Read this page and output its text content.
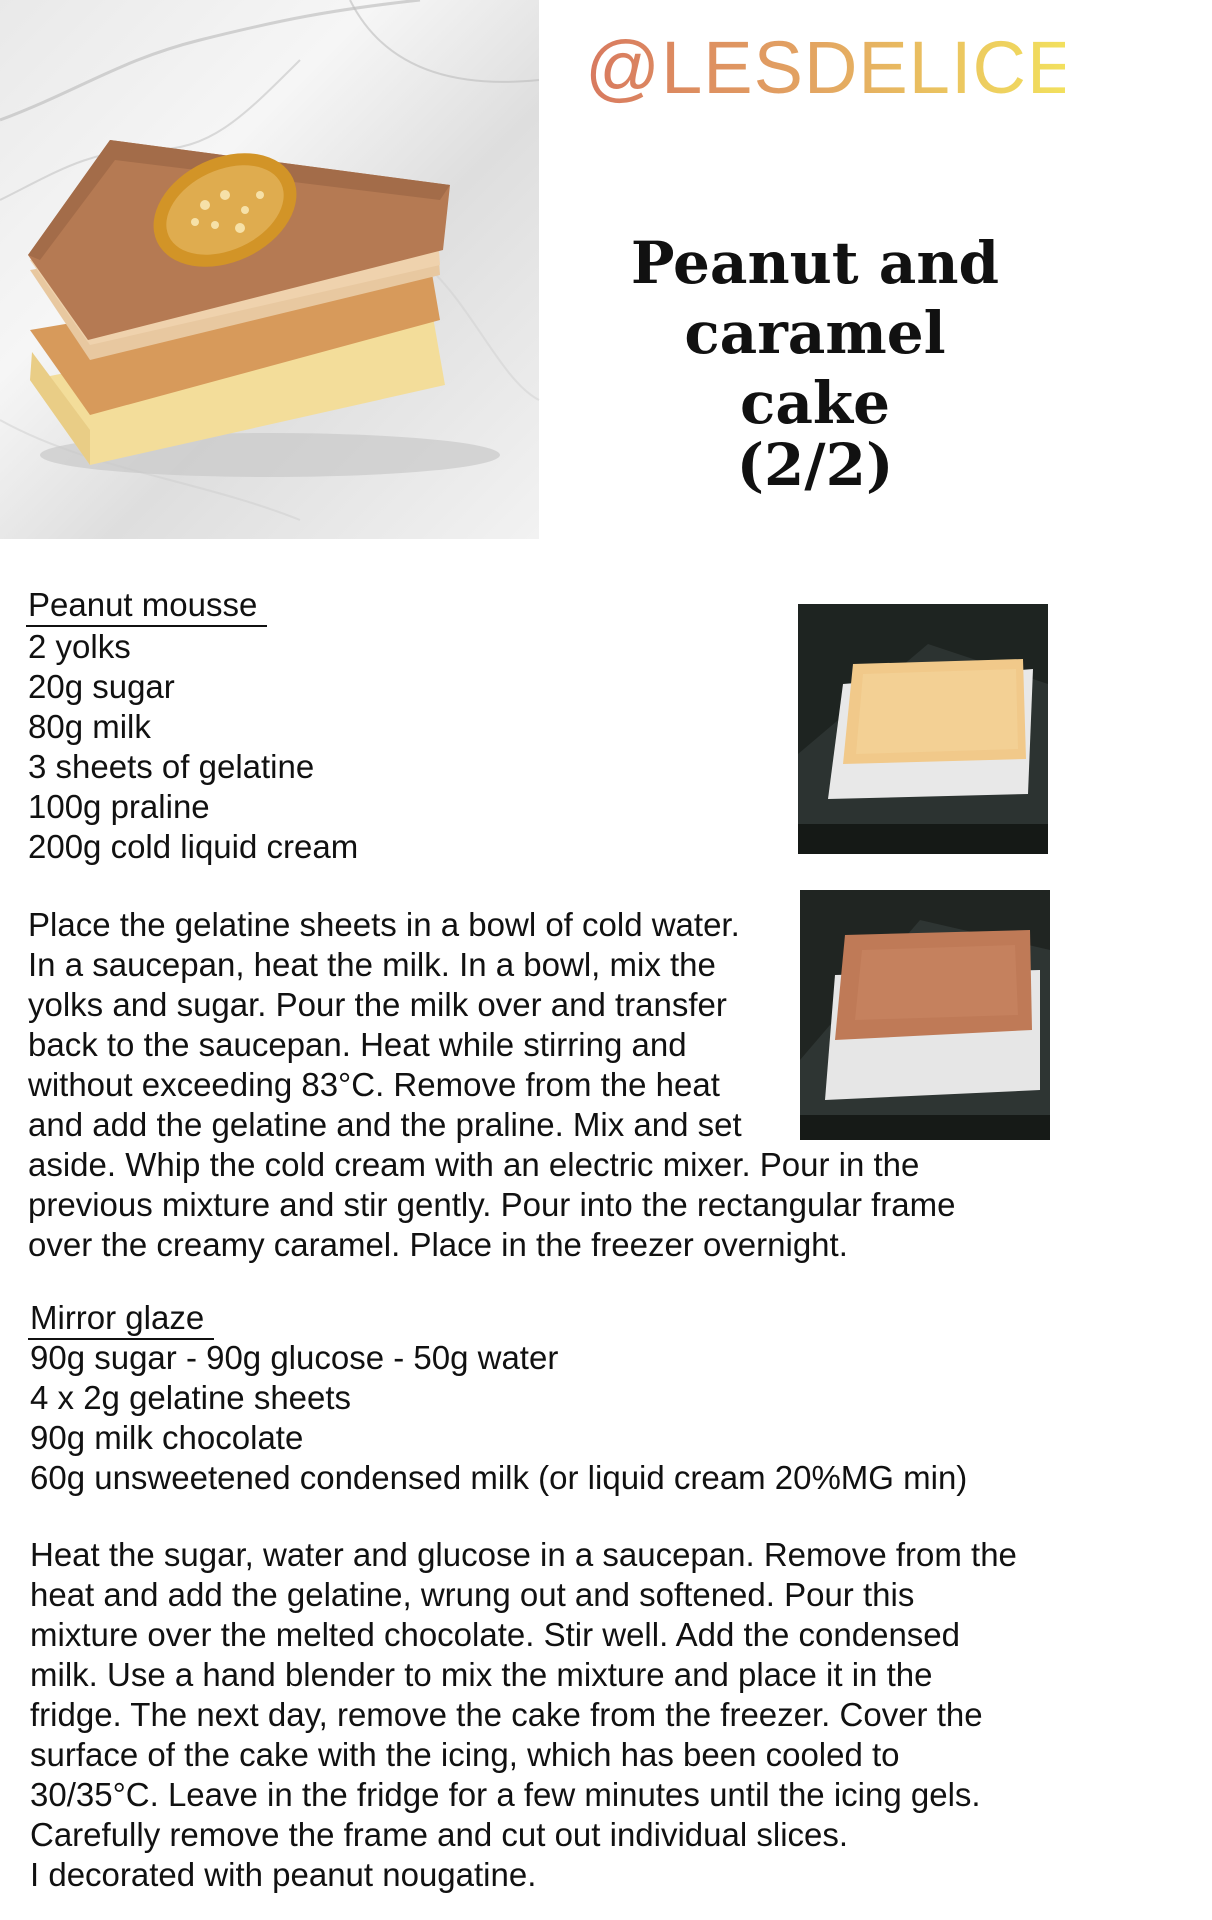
@LESDELICES31
Peanut and caramel cake
(2/2)
Peanut mousse
2 yolks
20g sugar
80g milk
3 sheets of gelatine
100g praline
200g cold liquid cream
Place the gelatine sheets in a bowl of cold water.
In a saucepan, heat the milk. In a bowl, mix the
yolks and sugar. Pour the milk over and transfer
back to the saucepan. Heat while stirring and
without exceeding 83°C. Remove from the heat
and add the gelatine and the praline. Mix and set
aside. Whip the cold cream with an electric mixer. Pour in the
previous mixture and stir gently. Pour into the rectangular frame
over the creamy caramel. Place in the freezer overnight.
Mirror glaze
90g sugar - 90g glucose - 50g water
4 x 2g gelatine sheets
90g milk chocolate
60g unsweetened condensed milk (or liquid cream 20%MG min)
Heat the sugar, water and glucose in a saucepan. Remove from the
heat and add the gelatine, wrung out and softened. Pour this
mixture over the melted chocolate. Stir well. Add the condensed
milk. Use a hand blender to mix the mixture and place it in the
fridge. The next day, remove the cake from the freezer. Cover the
surface of the cake with the icing, which has been cooled to
30/35°C. Leave in the fridge for a few minutes until the icing gels.
Carefully remove the frame and cut out individual slices.
I decorated with peanut nougatine.
